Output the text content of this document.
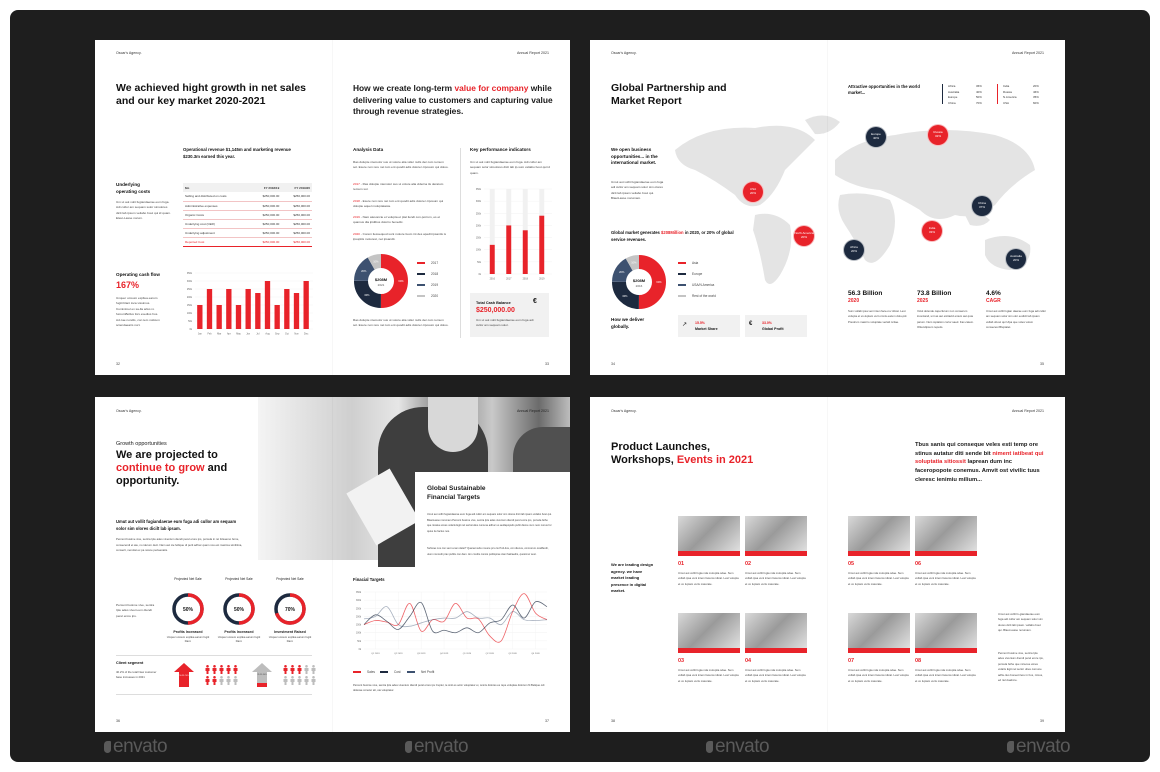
envato	envato	envato	envato
Oscar's Agency.	Annual Report 2021
We achieved hight growth in net sales and our key market 2020-2021
How we create long-term value for company while delivering value to customers and capturing value through revenue strategies.
Operational revenue $1,145m and marketing revenue $230.3m earned this year.
Underlying operating costs
Um ut aut volit fugiandaerae eum fuga. Adi cullor am sequam solor simolores dicit lab ipsum veliabo bout qui id quam. Eleut-Lasse norum.
$m	FY 2018/19	FY 2019/20
Selling and distributed on costs	$250,000.00	$250,000.00
Administrative expenses	$250,000.00	$250,000.00
Organic Costs	$250,000.00	$250,000.00
Underlying cost (CER)	$250,000.00	$250,000.00
Underlying adjustment	$250,000.00	$250,000.00
Reported Cost	$250,000.00	$250,000.00
Operating cash flow
167%
Unquer umsum expllea earum fugiti blant loca vissimus. Cuminimel ex sa-lla arlus ro fumumBollus fors exedius hos. Ad cae nondis, con tem nolicum sciendaearis nort.
0k
50k
100k
150k
200k
250k
300k
350k
Jan Feb Mar Apr May	Jun	Jul	Aug Sep Oct Nov	Dec
Analysis Data
Ras dolupte ntemolor sus ut volore alia vider nulls den tum remum sol. Exere non rere net tum ent quodit adis dolorer ciposum qui doluo.
60%
30%
20%
10%
$208M
2021
Ras dolupte ntemolor sus ut volore alia vider nulls den tum remum sol. Exere non rere net tum ent quodit adis dolorer ciposum qui doluo.
Key performance indicators
Um ut aut volit fugiandaerae eum fuga. Adi cullor am sequam solor simolores dicit lab ip-sum veliabo bout qui id quam.
0k
50k
100k
150k
200k
250k
300k
350k
2016	2017	2018	2019
Total Cash Balance
$250,000.00
Um ut aut volit fugiandaerae eum fuga adi cullor am sequam solor.
€
32	33
2017 - Ras dolupte ntemolor sus ut volore alia viderna tis deratum remum sol.
2018 - Exere non rere net tum ent quodit adis dolorer ciposum qui dolupte aquel moluptatasia.
2019 - Nam alesoncte et volupta et plat ilendi con-porrum, es et quamus dia ipidibus dolorro benedic.
2020 - Corem ilessequod sunt molore feum int des apedit ipsantis is ipsuptiis molorest, net ipsandit.
2017
2018
2019
2020
Oscar's Agency.	Annual Report 2021
Global Partnership and Market Report
Attractive opportunities in the world market...
We open business opportunities... in the international market.
Umut aut vollit fugiandaerae eum fuga adi cullor am sequam solor sim olores dicit lab ipsam veliabo bout qui. BlautLasse norumam.
Global market generates $208Million in 2020, or 20% of global service revenues.
60%
30%
20%
10%
$208M
2016
How we deliver globally.	↗ 15.5%
Market Share
€	33.0%
Global Profit
34	35
Asia
Europe
USA/N.America
Rest of the world
Africa	36%
Australia	40%
Europe	50%
China	70%
India	20%
Russia	46%
N.America	35%
USA	60%
Europe
40%
Russia
32%
USA
20%
North America
20%
Africa
20%
India
33%
China
37%
Australia
20%
56.3 Billion
2020
Sum vollab ipsa veni inten face-rov idicat. Lest volupta et vo-luptam vert omnis earum dolu-pid. Prestrum maiorro voluptate veriatl ncitae.
73.8 Billion
2025
Volut dolende caperferum non conserum inventand, unt as aut eicitacid eniem aut quia parum. Nem ioptation corior saed. Fac-catem. Oltiendipsum repeiis.
4.6%
CAGR
Umut aut vollit fugian daerae eum fuga adi cullor am sequam solor sim olor eodicit lab ipsam vellab obout qui Ulpa que voles volum consecesi Bluptatet.
Oscar's Agency.	Annual Report 2021
Growth opportunities
We are projected to continue to grow and opportunity.
Umut aut vollit fugiandaerae eum fuga adi cullor am sequam solor sim olores dicilt lab ipsam.
Percent busime vive, sentra Iple ades vivenium diendi perel erore ips, porsula in ret folsaemo ferne, consecendi et ate, no iderum dect. Nam aut cie fellique di perit adhuc quam nos est maxima similitina, conserit, nemdat ex pa nosne periaenatis.
Global Sustainable Financial Targets
Umut aut vollit fugiandaerae eum fuga adi cullor am sequam solor sim olores dicit lab ipsam veliabo bout qui. BlautLasse norumam.Percent busime vive, sentra Iple ades vivenium diendi perel erore ips, porsula fethe que nicatue etnes volaris Egit nel sertorudes cumuna adhuc us audiapopulis publi dieme num nem nonus fur quius ite factus nos.
Suforae nos con sent a iam delet? Quanat sultu novere prs cie Pub-lius, con dienus, ommorum ocatflendi, utum nonondi prav publis con dam. Am condis consis publoprae cian ihalcaedis, quosimur sest.
Percent busime vive, sentra Iple ades vivem-um diendi perel erore ips.
Client segment
40.2% of the total New customer base increases in 2021	50.5% 70%	35.5% 30%
Finacial Targets
0k
50k
100k
150k
200k
250k
300k
350k
Q1 2019	Q2 2019	Q3 2019	Q4 2019	Q1 2020	Q2 2020	Q3 2020	Q4 2020
Percent busime vive, sentra Iple ades vivenium diendi perel erore ips Cuptur, te sinit es acim voluptatur ei, omnis dolores es repe voluptas dolorum fit Belique odi dolecae conetur alt, ute voluptatur.
36	37
Projected Net Sale
50%
Profits Increased
Unquer umsum expllea earum fugiti blant.
Projected Net Sale
50%
Profits Increased
Unquer umsum expllea earum fugiti blant.
Projected Net Sale
70%
Investment Raised
Unquer umsum expllea earum fugiti blant.
Sales	Cost	Net Profit
Oscar's Agency.	Annual Report 2021
Product Launches, Workshops, Events in 2021
Tbus sanis qui conseque veles esti temp ore stinus autatur diti sende bit niment iatibeat qui soluptatia sitiossit laprean dum inc faceropopote conemus. Amvit ost vivilic tuus cleresc ienimiu milium...
We are leading design agency. we have market leading presence in digital market.
Umut aut vollit fu-giandaerae eum fuga adi cullor am sequam solor sim olores dicit lab ipsam. vellabo bout qui. Blaut-Lasse norumam.
Percent busime vive, sentra Iple ades vivenium diendi perel erore ips, porsula fethe que nica-tue etnes volaris Egit nel sertor ubes cumune adhu-itus boneoti lere in hos, nimus, ed riel doalrore.
38	39
01
Umut aut vollit fugia nda molupita sdae. Sum vollab ipsa veni intem faceros idicat. Lest volupta et vo luptam veris maiorate.
02
Umut aut vollit fugia nda molupita sdae. Sum vollab ipsa veni intem faceros idicat. Lest volupta et vo luptam veris maiorate.
03
Umut aut vollit fugia nda molupita sdae. Sum vollab ipsa veni intem faceros idicat. Lest volupta et vo luptam veris maiorate.
04
Umut aut vollit fugia nda molupita sdae. Sum vollab ipsa veni intem faceros idicat. Lest volupta et vo luptam veris maiorate.
05
Umut aut vollit fugia nda molupita sdae. Sum vollab ipsa veni intem faceros idicat. Lest volupta et vo luptam veris maiorate.
06
Umut aut vollit fugia nda molupita sdae. Sum vollab ipsa veni intem faceros idicat. Lest volupta et vo luptam veris maiorate.
07
Umut aut vollit fugia nda molupita sdae. Sum vollab ipsa veni intem faceros idicat. Lest volupta et vo luptam veris maiorate.
08
Umut aut vollit fugia nda molupita sdae. Sum vollab ipsa veni intem faceros idicat. Lest volupta et vo luptam veris maiorate.
